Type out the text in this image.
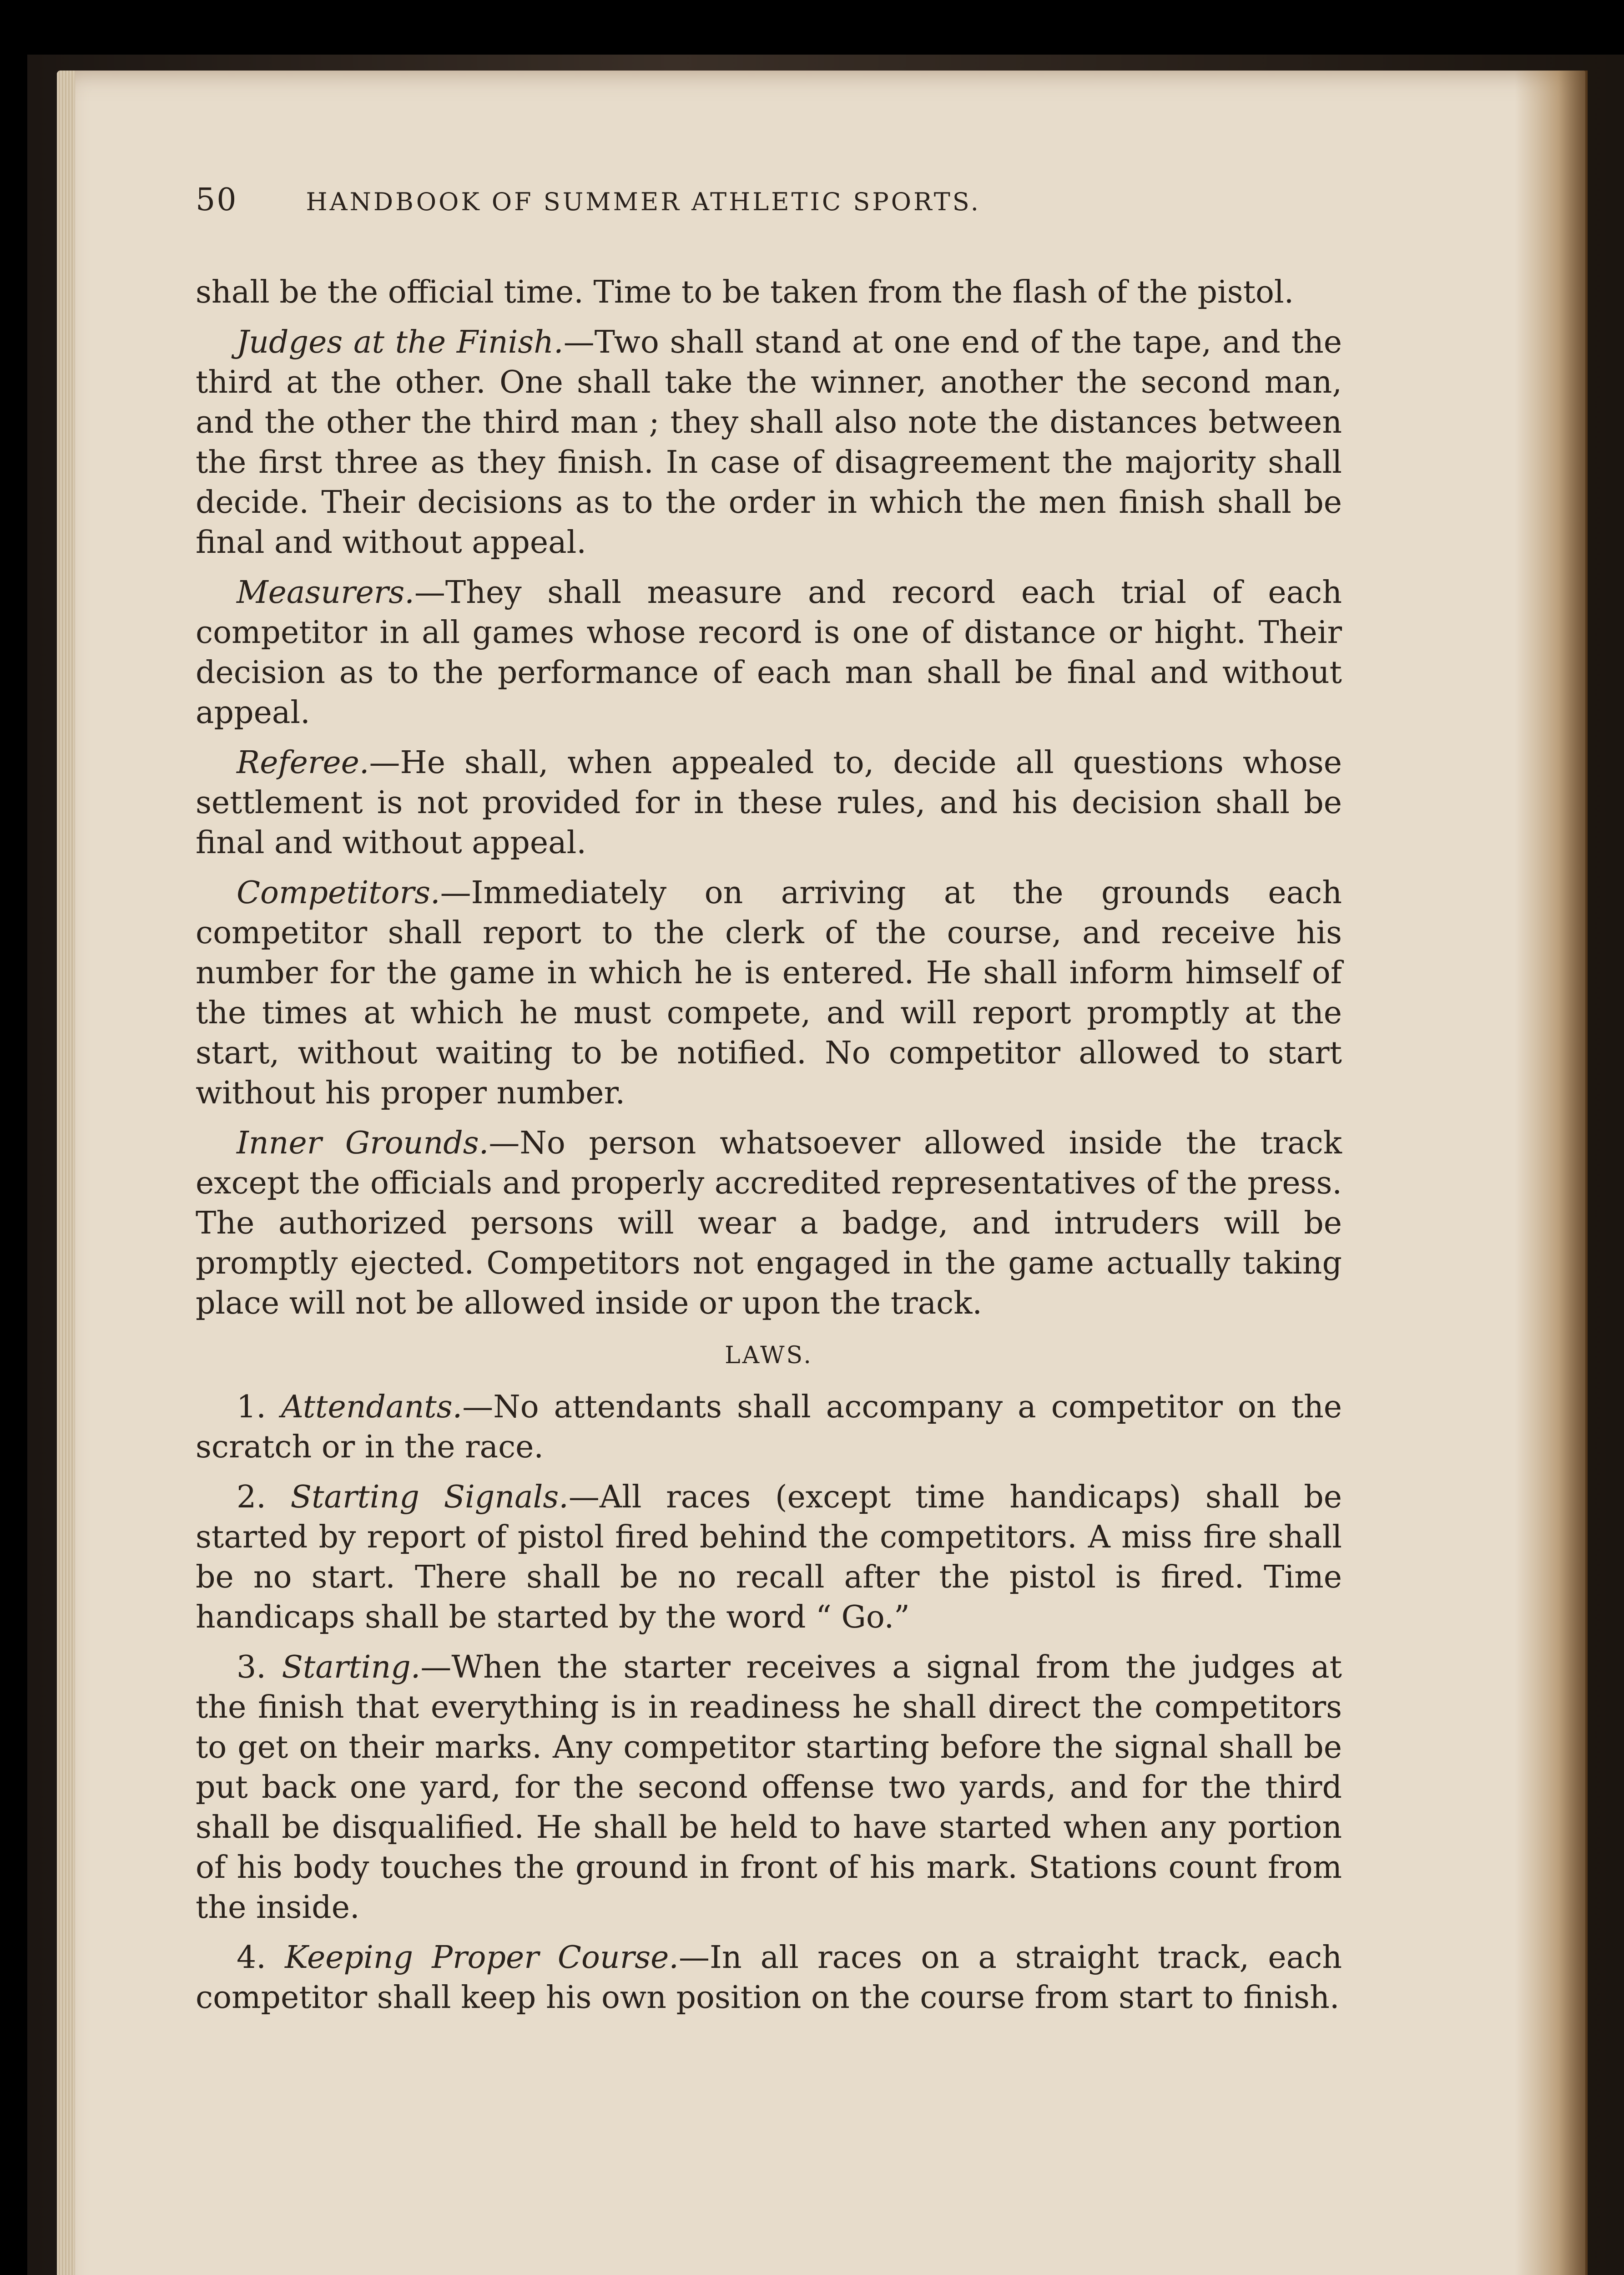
50	HANDBOOK OF SUMMER ATHLETIC SPORTS.

shall be the official time. Time to be taken from the flash of the pistol.

Judges at the Finish.—Two shall stand at one end of the tape, and the third at the other. One shall take the winner, another the second man, and the other the third man ; they shall also note the distances between the first three as they finish. In case of disagreement the majority shall decide. Their decisions as to the order in which the men finish shall be final and without appeal.

Measurers.—They shall measure and record each trial of each competitor in all games whose record is one of distance or hight. Their decision as to the performance of each man shall be final and without appeal.

Referee.—He shall, when appealed to, decide all questions whose settlement is not provided for in these rules, and his decision shall be final and without appeal.

Competitors.—Immediately on arriving at the grounds each competitor shall report to the clerk of the course, and receive his number for the game in which he is entered. He shall inform himself of the times at which he must compete, and will report promptly at the start, without waiting to be notified. No competitor allowed to start without his proper number.

Inner Grounds.—No person whatsoever allowed inside the track except the officials and properly accredited representatives of the press. The authorized persons will wear a badge, and intruders will be promptly ejected. Competitors not engaged in the game actually taking place will not be allowed inside or upon the track.

LAWS.

1. Attendants.—No attendants shall accompany a competitor on the scratch or in the race.

2. Starting Signals.—All races (except time handicaps) shall be started by report of pistol fired behind the competitors. A miss fire shall be no start. There shall be no recall after the pistol is fired. Time handicaps shall be started by the word “ Go.”

3. Starting.—When the starter receives a signal from the judges at the finish that everything is in readiness he shall direct the competitors to get on their marks. Any competitor starting before the signal shall be put back one yard, for the second offense two yards, and for the third shall be disqualified. He shall be held to have started when any portion of his body touches the ground in front of his mark. Stations count from the inside.

4. Keeping Proper Course.—In all races on a straight track, each competitor shall keep his own position on the course from start to finish.
